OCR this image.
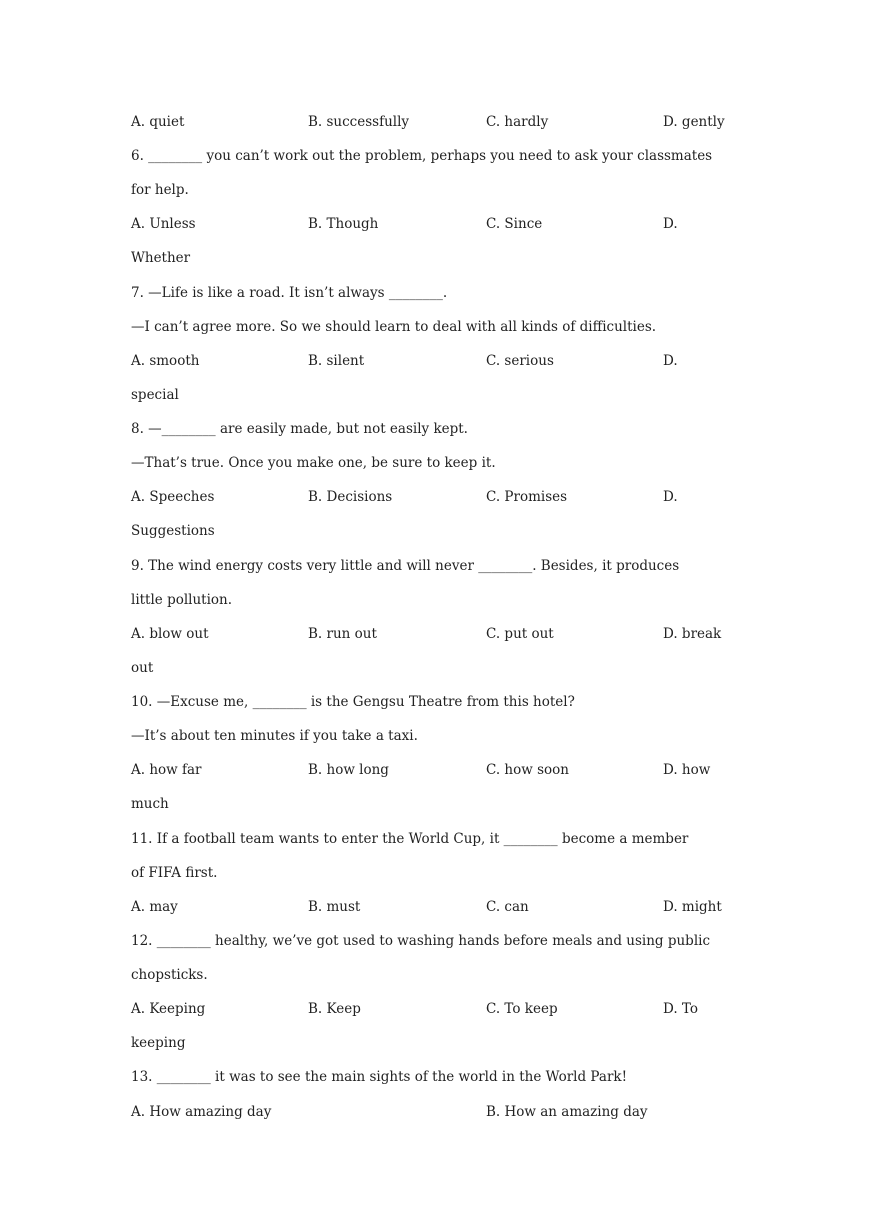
A. quiet	B. successfully	C. hardly	D. gently
6. ________ you can’t work out the problem, perhaps you need to ask your classmates
for help.
A. Unless	B. Though	C. Since	D.
Whether
7. —Life is like a road. It isn’t always ________.
—I can’t agree more. So we should learn to deal with all kinds of difficulties.
A. smooth	B. silent	C. serious	D.
special
8. —________ are easily made, but not easily kept.
—That’s true. Once you make one, be sure to keep it.
A. Speeches	B. Decisions	C. Promises	D.
Suggestions
9. The wind energy costs very little and will never ________. Besides, it produces
little pollution.
A. blow out	B. run out	C. put out	D. break
out
10. —Excuse me, ________ is the Gengsu Theatre from this hotel?
—It’s about ten minutes if you take a taxi.
A. how far	B. how long	C. how soon	D. how
much
11. If a football team wants to enter the World Cup, it ________ become a member
of FIFA first.
A. may	B. must	C. can	D. might
12. ________ healthy, we’ve got used to washing hands before meals and using public
chopsticks.
A. Keeping	B. Keep	C. To keep	D. To
keeping
13. ________ it was to see the main sights of the world in the World Park!
A. How amazing day	B. How an amazing day
